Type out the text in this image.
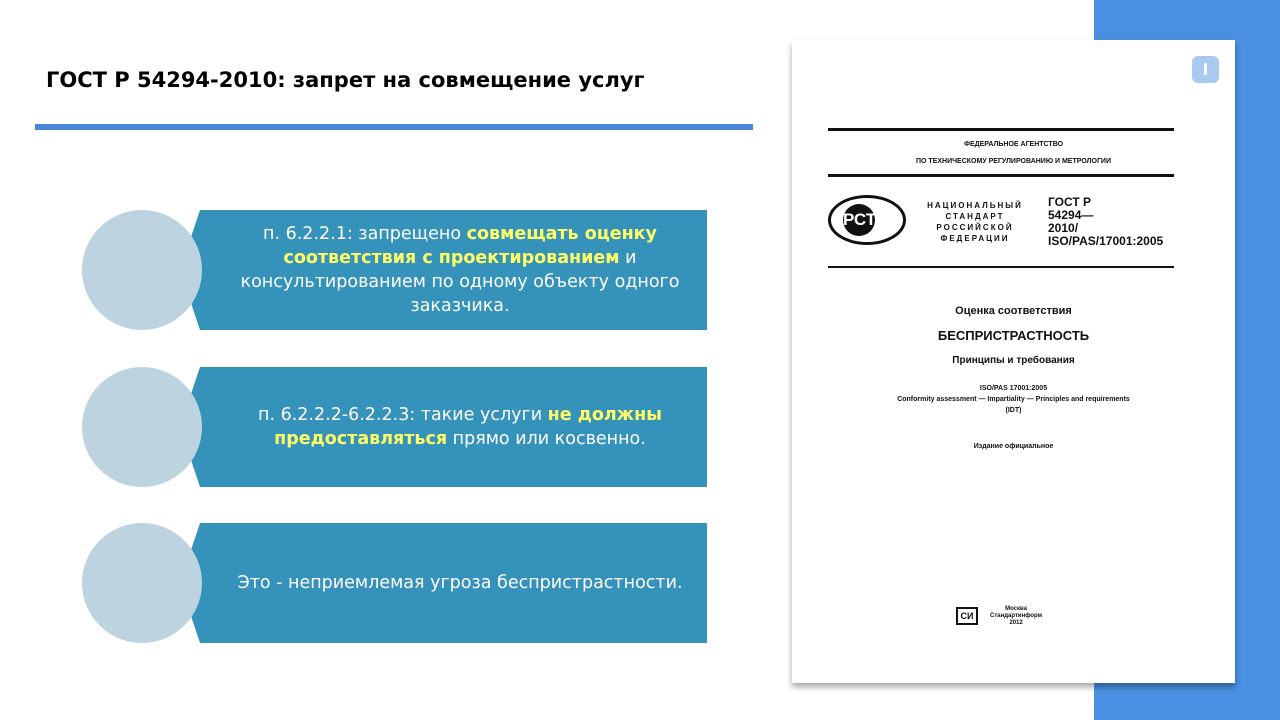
ГОСТ Р 54294-2010: запрет на совмещение услуг
п. 6.2.2.1: запрещено совмещать оценку соответствия с проектированием и консультированием по одному объекту одного заказчика.
п. 6.2.2.2-6.2.2.3: такие услуги не должны предоставляться прямо или косвенно.
Это - неприемлемая угроза беспристрастности.
ФЕДЕРАЛЬНОЕ АГЕНТСТВО
ПО ТЕХНИЧЕСКОМУ РЕГУЛИРОВАНИЮ И МЕТРОЛОГИИ
РСТ
НАЦИОНАЛЬНЫЙ
СТАНДАРТ
РОССИЙСКОЙ
ФЕДЕРАЦИИ
ГОСТ Р
54294—
2010/
ISO/PAS/17001:2005
Оценка соответствия
БЕСПРИСТРАСТНОСТЬ
Принципы и требования
ISO/PAS 17001:2005
Conformity assessment — Impartiality — Principles and requirements
(IDT)
Издание официальное
СИ
Москва
Стандартинформ
2012
l
